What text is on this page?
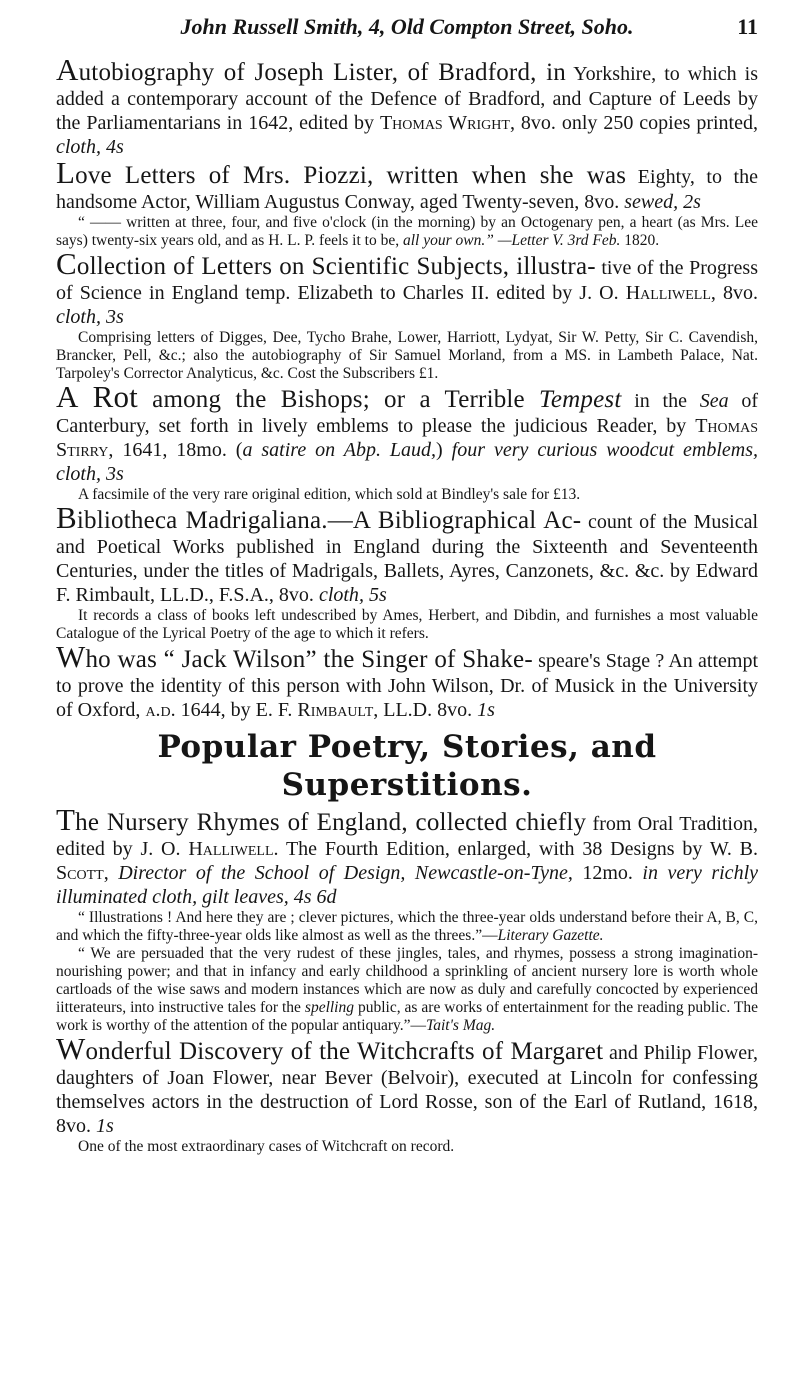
John Russell Smith, 4, Old Compton Street, Soho.	11

Autobiography of Joseph Lister, of Bradford, in Yorkshire, to which is added a contemporary account of the Defence of Bradford, and Capture of Leeds by the Parliamentarians in 1642, edited by Thomas Wright, 8vo. only 250 copies printed, cloth, 4s

Love Letters of Mrs. Piozzi, written when she was Eighty, to the handsome Actor, William Augustus Conway, aged Twenty-seven, 8vo. sewed, 2s

“ —— written at three, four, and five o'clock (in the morning) by an Octogenary pen, a heart (as Mrs. Lee says) twenty-six years old, and as H. L. P. feels it to be, all your own.” —Letter V. 3rd Feb. 1820.

Collection of Letters on Scientific Subjects, illustra- tive of the Progress of Science in England temp. Elizabeth to Charles II. edited by J. O. Halliwell, 8vo. cloth, 3s

Comprising letters of Digges, Dee, Tycho Brahe, Lower, Harriott, Lydyat, Sir W. Petty, Sir C. Cavendish, Brancker, Pell, &c.; also the autobiography of Sir Samuel Morland, from a MS. in Lambeth Palace, Nat. Tarpoley's Corrector Analyticus, &c. Cost the Subscribers £1.

A Rot among the Bishops; or a Terrible Tempest in the Sea of Canterbury, set forth in lively emblems to please the judicious Reader, by Thomas Stirry, 1641, 18mo. (a satire on Abp. Laud,) four very curious woodcut emblems, cloth, 3s

A facsimile of the very rare original edition, which sold at Bindley's sale for £13.

Bibliotheca Madrigaliana.—A Bibliographical Ac- count of the Musical and Poetical Works published in England during the Sixteenth and Seventeenth Centuries, under the titles of Madrigals, Ballets, Ayres, Canzonets, &c. &c. by Edward F. Rimbault, LL.D., F.S.A., 8vo. cloth, 5s

It records a class of books left undescribed by Ames, Herbert, and Dibdin, and furnishes a most valuable Catalogue of the Lyrical Poetry of the age to which it refers.

Who was “ Jack Wilson” the Singer of Shake- speare's Stage ? An attempt to prove the identity of this person with John Wilson, Dr. of Musick in the University of Oxford, a.d. 1644, by E. F. Rimbault, LL.D. 8vo. 1s

Popular Poetry, Stories, and Superstitions.

The Nursery Rhymes of England, collected chiefly from Oral Tradition, edited by J. O. Halliwell. The Fourth Edition, enlarged, with 38 Designs by W. B. Scott, Director of the School of Design, Newcastle-on-Tyne, 12mo. in very richly illuminated cloth, gilt leaves, 4s 6d

“ Illustrations ! And here they are ; clever pictures, which the three-year olds understand before their A, B, C, and which the fifty-three-year olds like almost as well as the threes.”—Literary Gazette.

“ We are persuaded that the very rudest of these jingles, tales, and rhymes, possess a strong imagination-nourishing power; and that in infancy and early childhood a sprinkling of ancient nursery lore is worth whole cartloads of the wise saws and modern instances which are now as duly and carefully concocted by experienced iitterateurs, into instructive tales for the spelling public, as are works of entertainment for the reading public. The work is worthy of the attention of the popular antiquary.”—Tait's Mag.

Wonderful Discovery of the Witchcrafts of Margaret and Philip Flower, daughters of Joan Flower, near Bever (Belvoir), executed at Lincoln for confessing themselves actors in the destruction of Lord Rosse, son of the Earl of Rutland, 1618, 8vo. 1s

One of the most extraordinary cases of Witchcraft on record.
